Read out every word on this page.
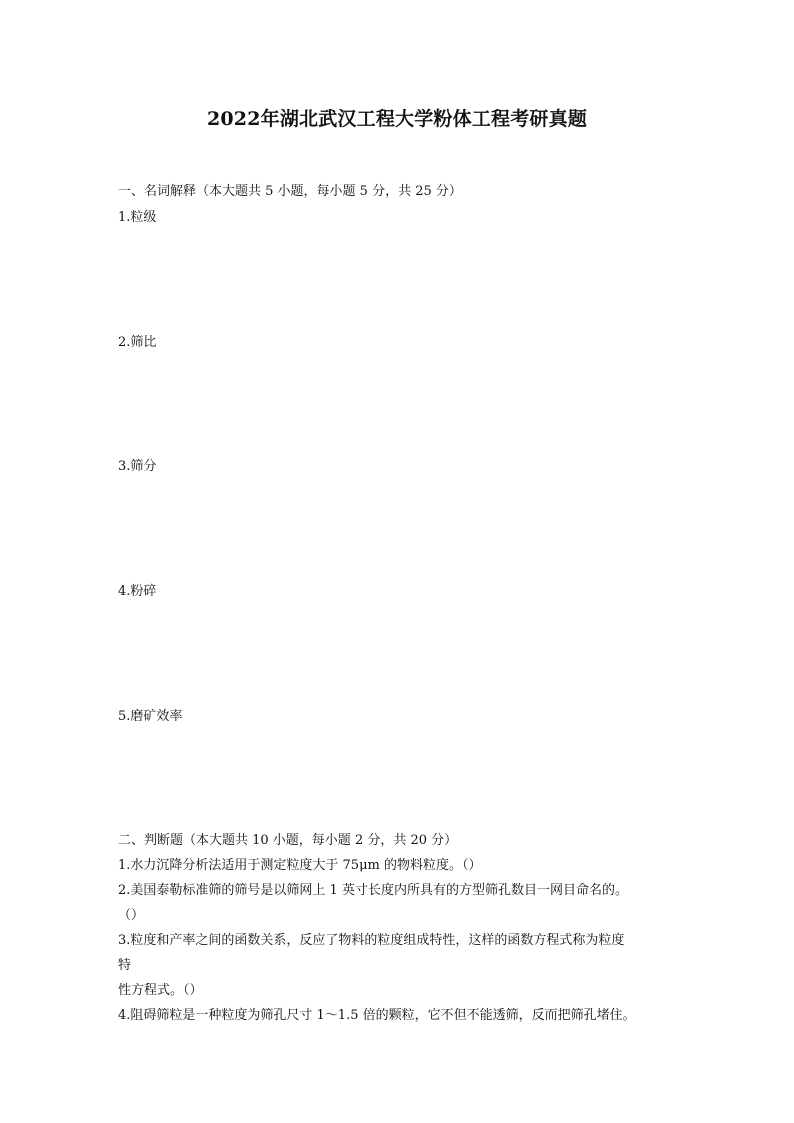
2022年湖北武汉工程大学粉体工程考研真题
一、名词解释（本大题共 5 小题，每小题 5 分，共 25 分）
1.粒级
2.筛比
3.筛分
4.粉碎
5.磨矿效率
二、判断题（本大题共 10 小题，每小题 2 分，共 20 分）
1.水力沉降分析法适用于测定粒度大于 75μm 的物料粒度。（）
2.美国泰勒标准筛的筛号是以筛网上 1 英寸长度内所具有的方型筛孔数目一网目命名的。
（）
3.粒度和产率之间的函数关系，反应了物料的粒度组成特性，这样的函数方程式称为粒度
特
性方程式。（）
4.阻碍筛粒是一种粒度为筛孔尺寸 1～1.5 倍的颗粒，它不但不能透筛，反而把筛孔堵住。
